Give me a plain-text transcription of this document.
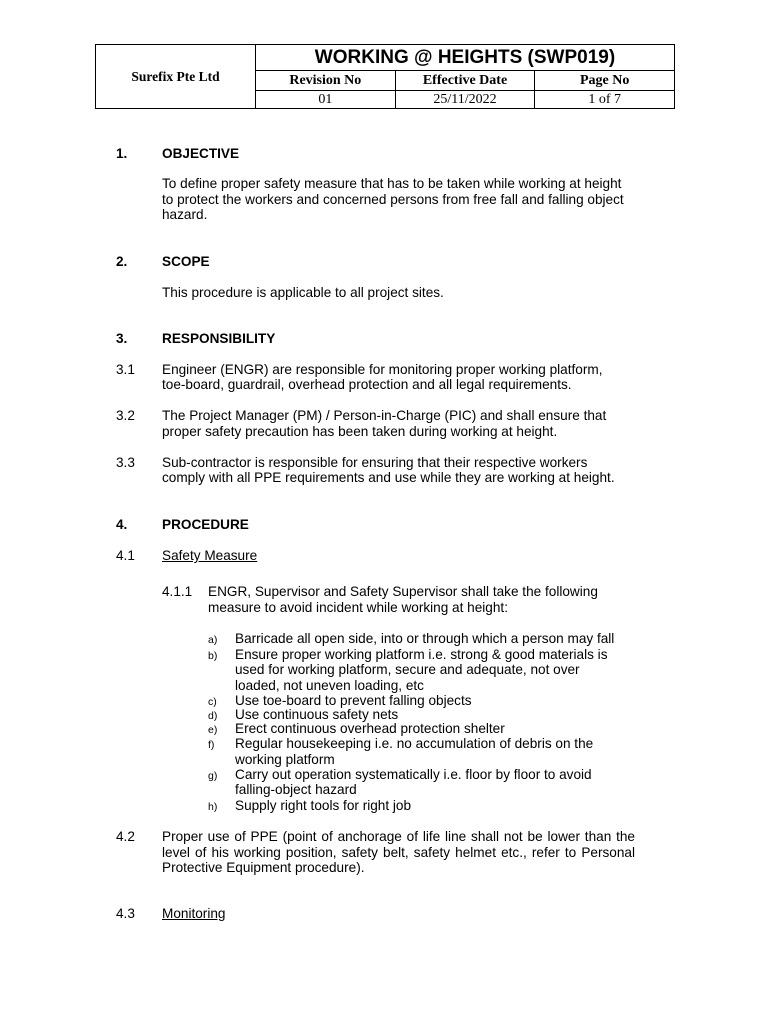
Surefix Pte Ltd	WORKING @ HEIGHTS (SWP019)		
	Revision No	Effective Date	Page No
	01	25/11/2022	1 of 7
1.	OBJECTIVE
To define proper safety measure that has to be taken while working at height
to protect the workers and concerned persons from free fall and falling object
hazard.
2.	SCOPE
This procedure is applicable to all project sites.
3.	RESPONSIBILITY
3.1 Engineer (ENGR) are responsible for monitoring proper working platform,
toe-board, guardrail, overhead protection and all legal requirements.
3.2 The Project Manager (PM) / Person-in-Charge (PIC) and shall ensure that
proper safety precaution has been taken during working at height.
3.3 Sub-contractor is responsible for ensuring that their respective workers
comply with all PPE requirements and use while they are working at height.
4.	PROCEDURE
4.1 Safety Measure
4.1.1 ENGR, Supervisor and Safety Supervisor shall take the following
measure to avoid incident while working at height:
a) Barricade all open side, into or through which a person may fall
b) Ensure proper working platform i.e. strong & good materials is
used for working platform, secure and adequate, not over
loaded, not uneven loading, etc
c) Use toe-board to prevent falling objects
d) Use continuous safety nets
e) Erect continuous overhead protection shelter
f) Regular housekeeping i.e. no accumulation of debris on the
working platform
g) Carry out operation systematically i.e. floor by floor to avoid
falling-object hazard
h) Supply right tools for right job
4.2 Proper use of PPE (point of anchorage of life line shall not be lower than the level of his working position, safety belt, safety helmet etc., refer to Personal Protective Equipment procedure).
4.3 Monitoring
